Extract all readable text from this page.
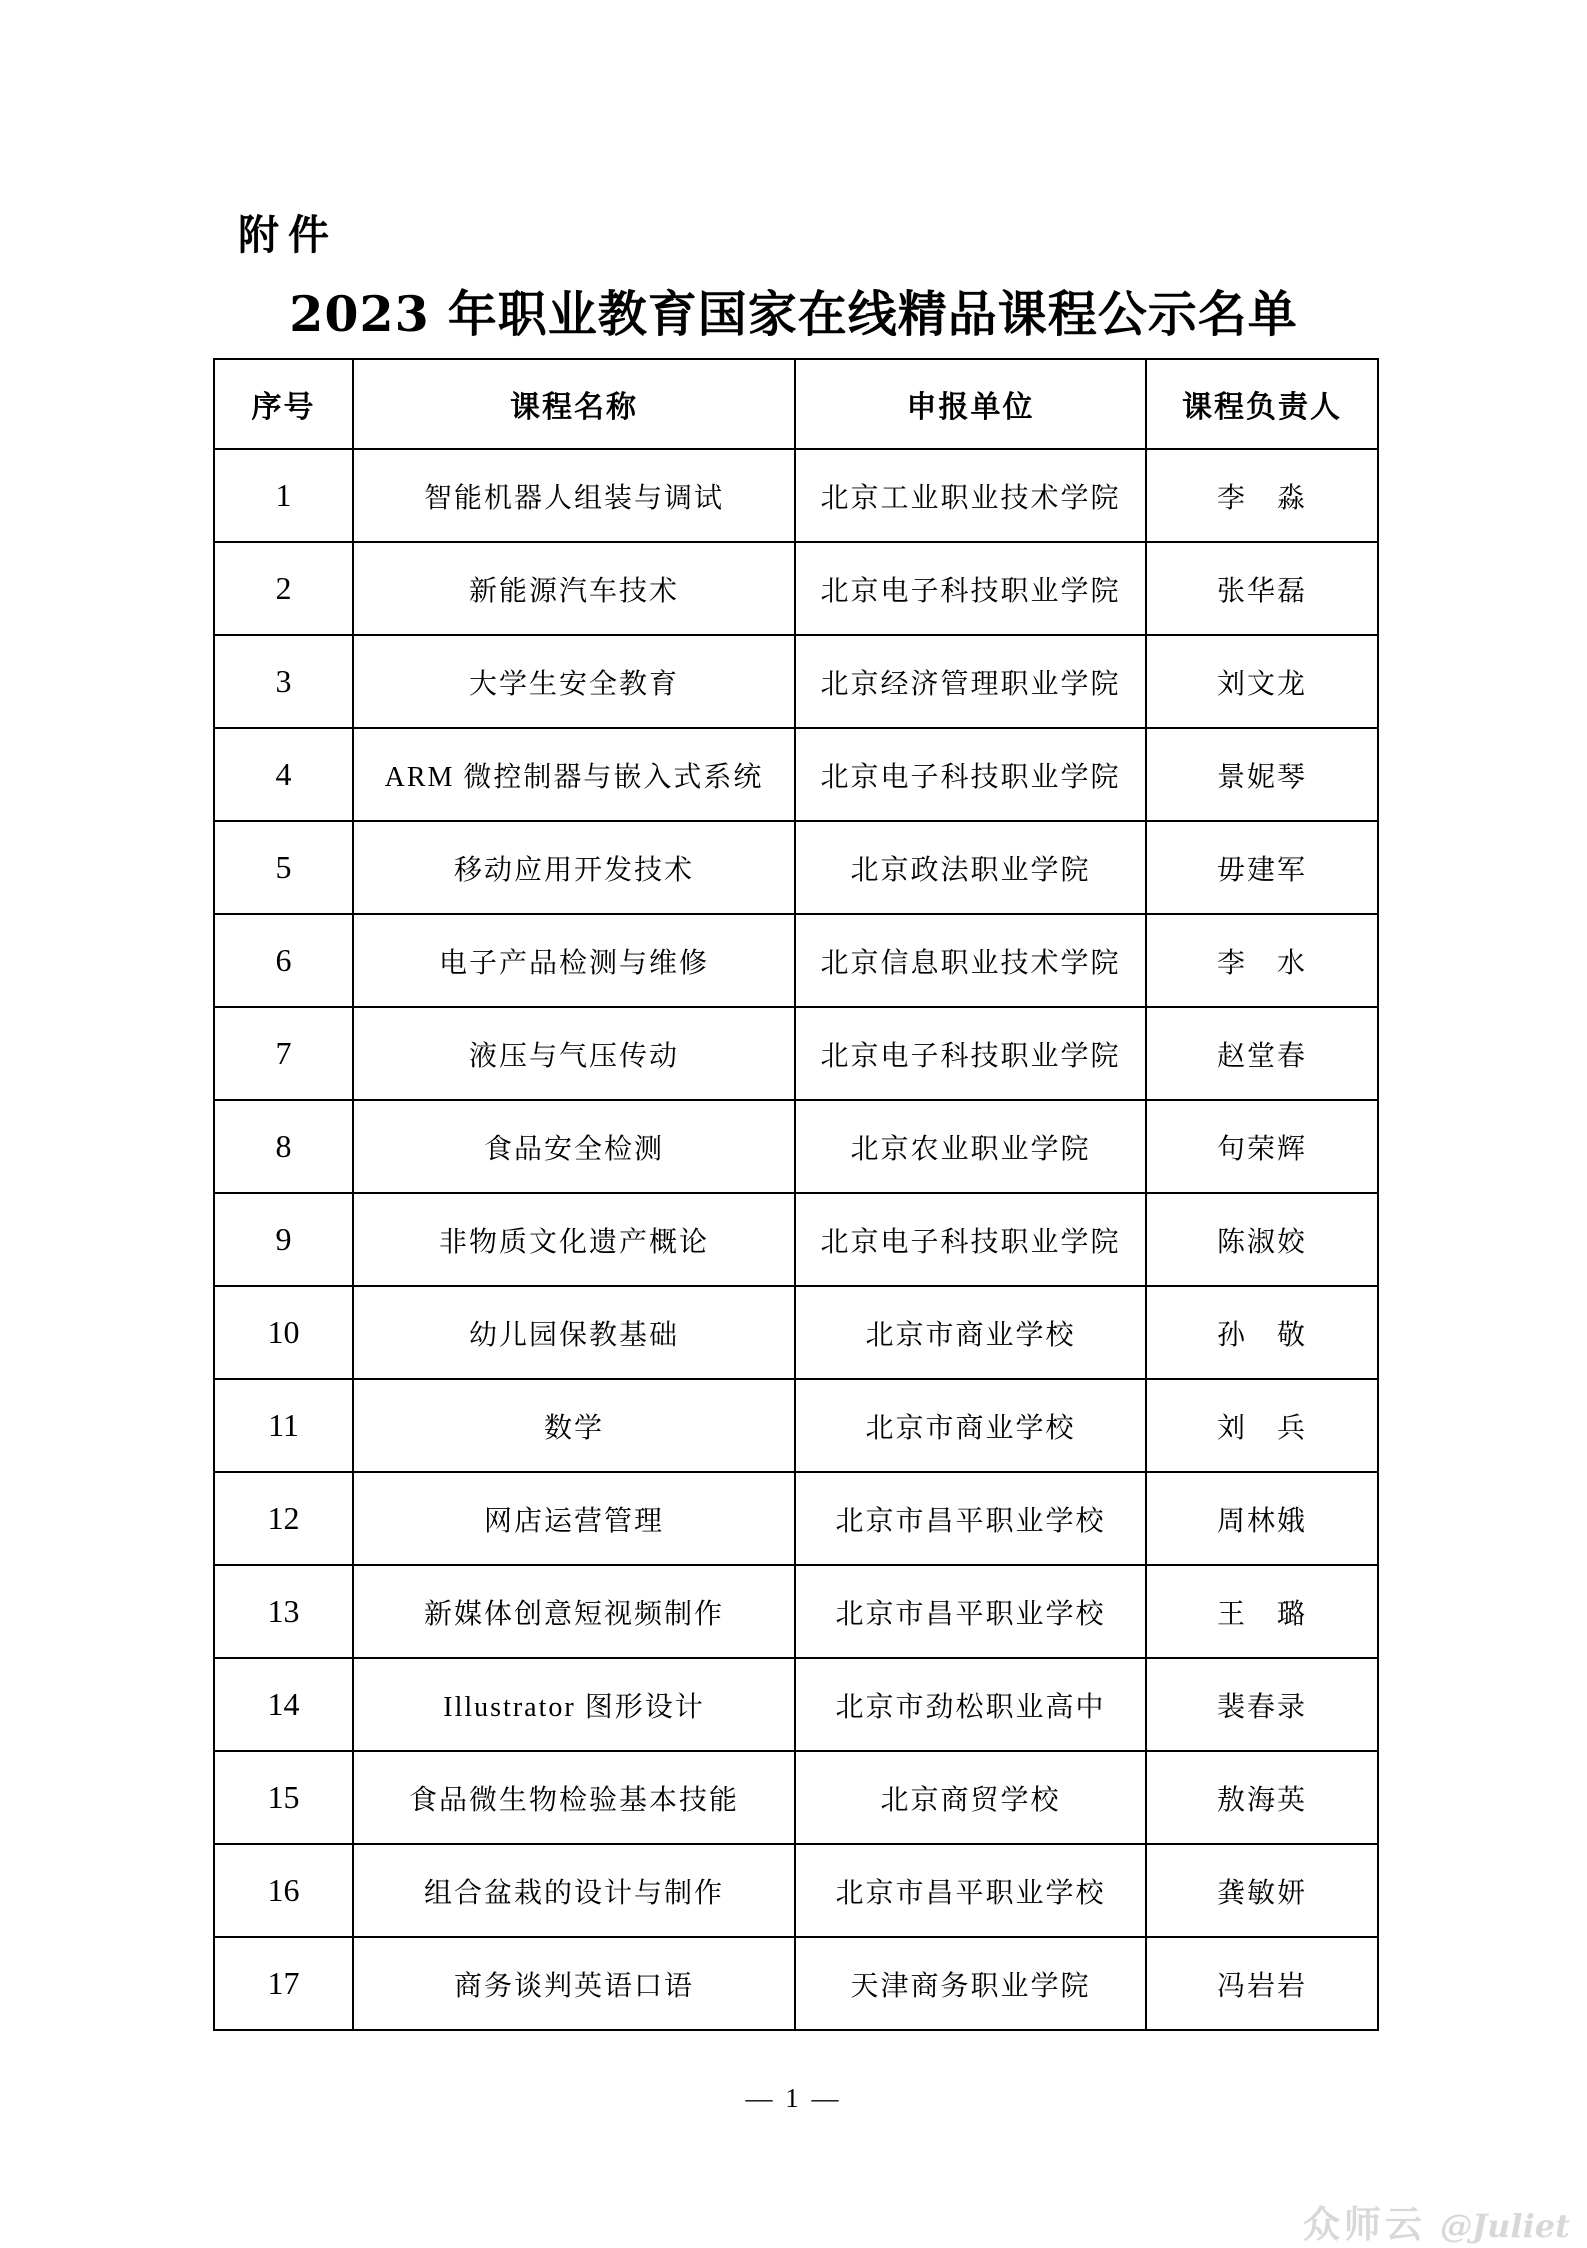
附件
2023 年职业教育国家在线精品课程公示名单
序号	课程名称	申报单位	课程负责人
1	智能机器人组装与调试	北京工业职业技术学院	李　淼
2	新能源汽车技术	北京电子科技职业学院	张华磊
3	大学生安全教育	北京经济管理职业学院	刘文龙
4	ARM 微控制器与嵌入式系统	北京电子科技职业学院	景妮琴
5	移动应用开发技术	北京政法职业学院	毋建军
6	电子产品检测与维修	北京信息职业技术学院	李　水
7	液压与气压传动	北京电子科技职业学院	赵堂春
8	食品安全检测	北京农业职业学院	句荣辉
9	非物质文化遗产概论	北京电子科技职业学院	陈淑姣
10	幼儿园保教基础	北京市商业学校	孙　敬
11	数学	北京市商业学校	刘　兵
12	网店运营管理	北京市昌平职业学校	周林娥
13	新媒体创意短视频制作	北京市昌平职业学校	王　璐
14	Illustrator 图形设计	北京市劲松职业高中	裴春录
15	食品微生物检验基本技能	北京商贸学校	敖海英
16	组合盆栽的设计与制作	北京市昌平职业学校	龚敏妍
17	商务谈判英语口语	天津商务职业学院	冯岩岩
— 1 —
众师云 @Juliet
